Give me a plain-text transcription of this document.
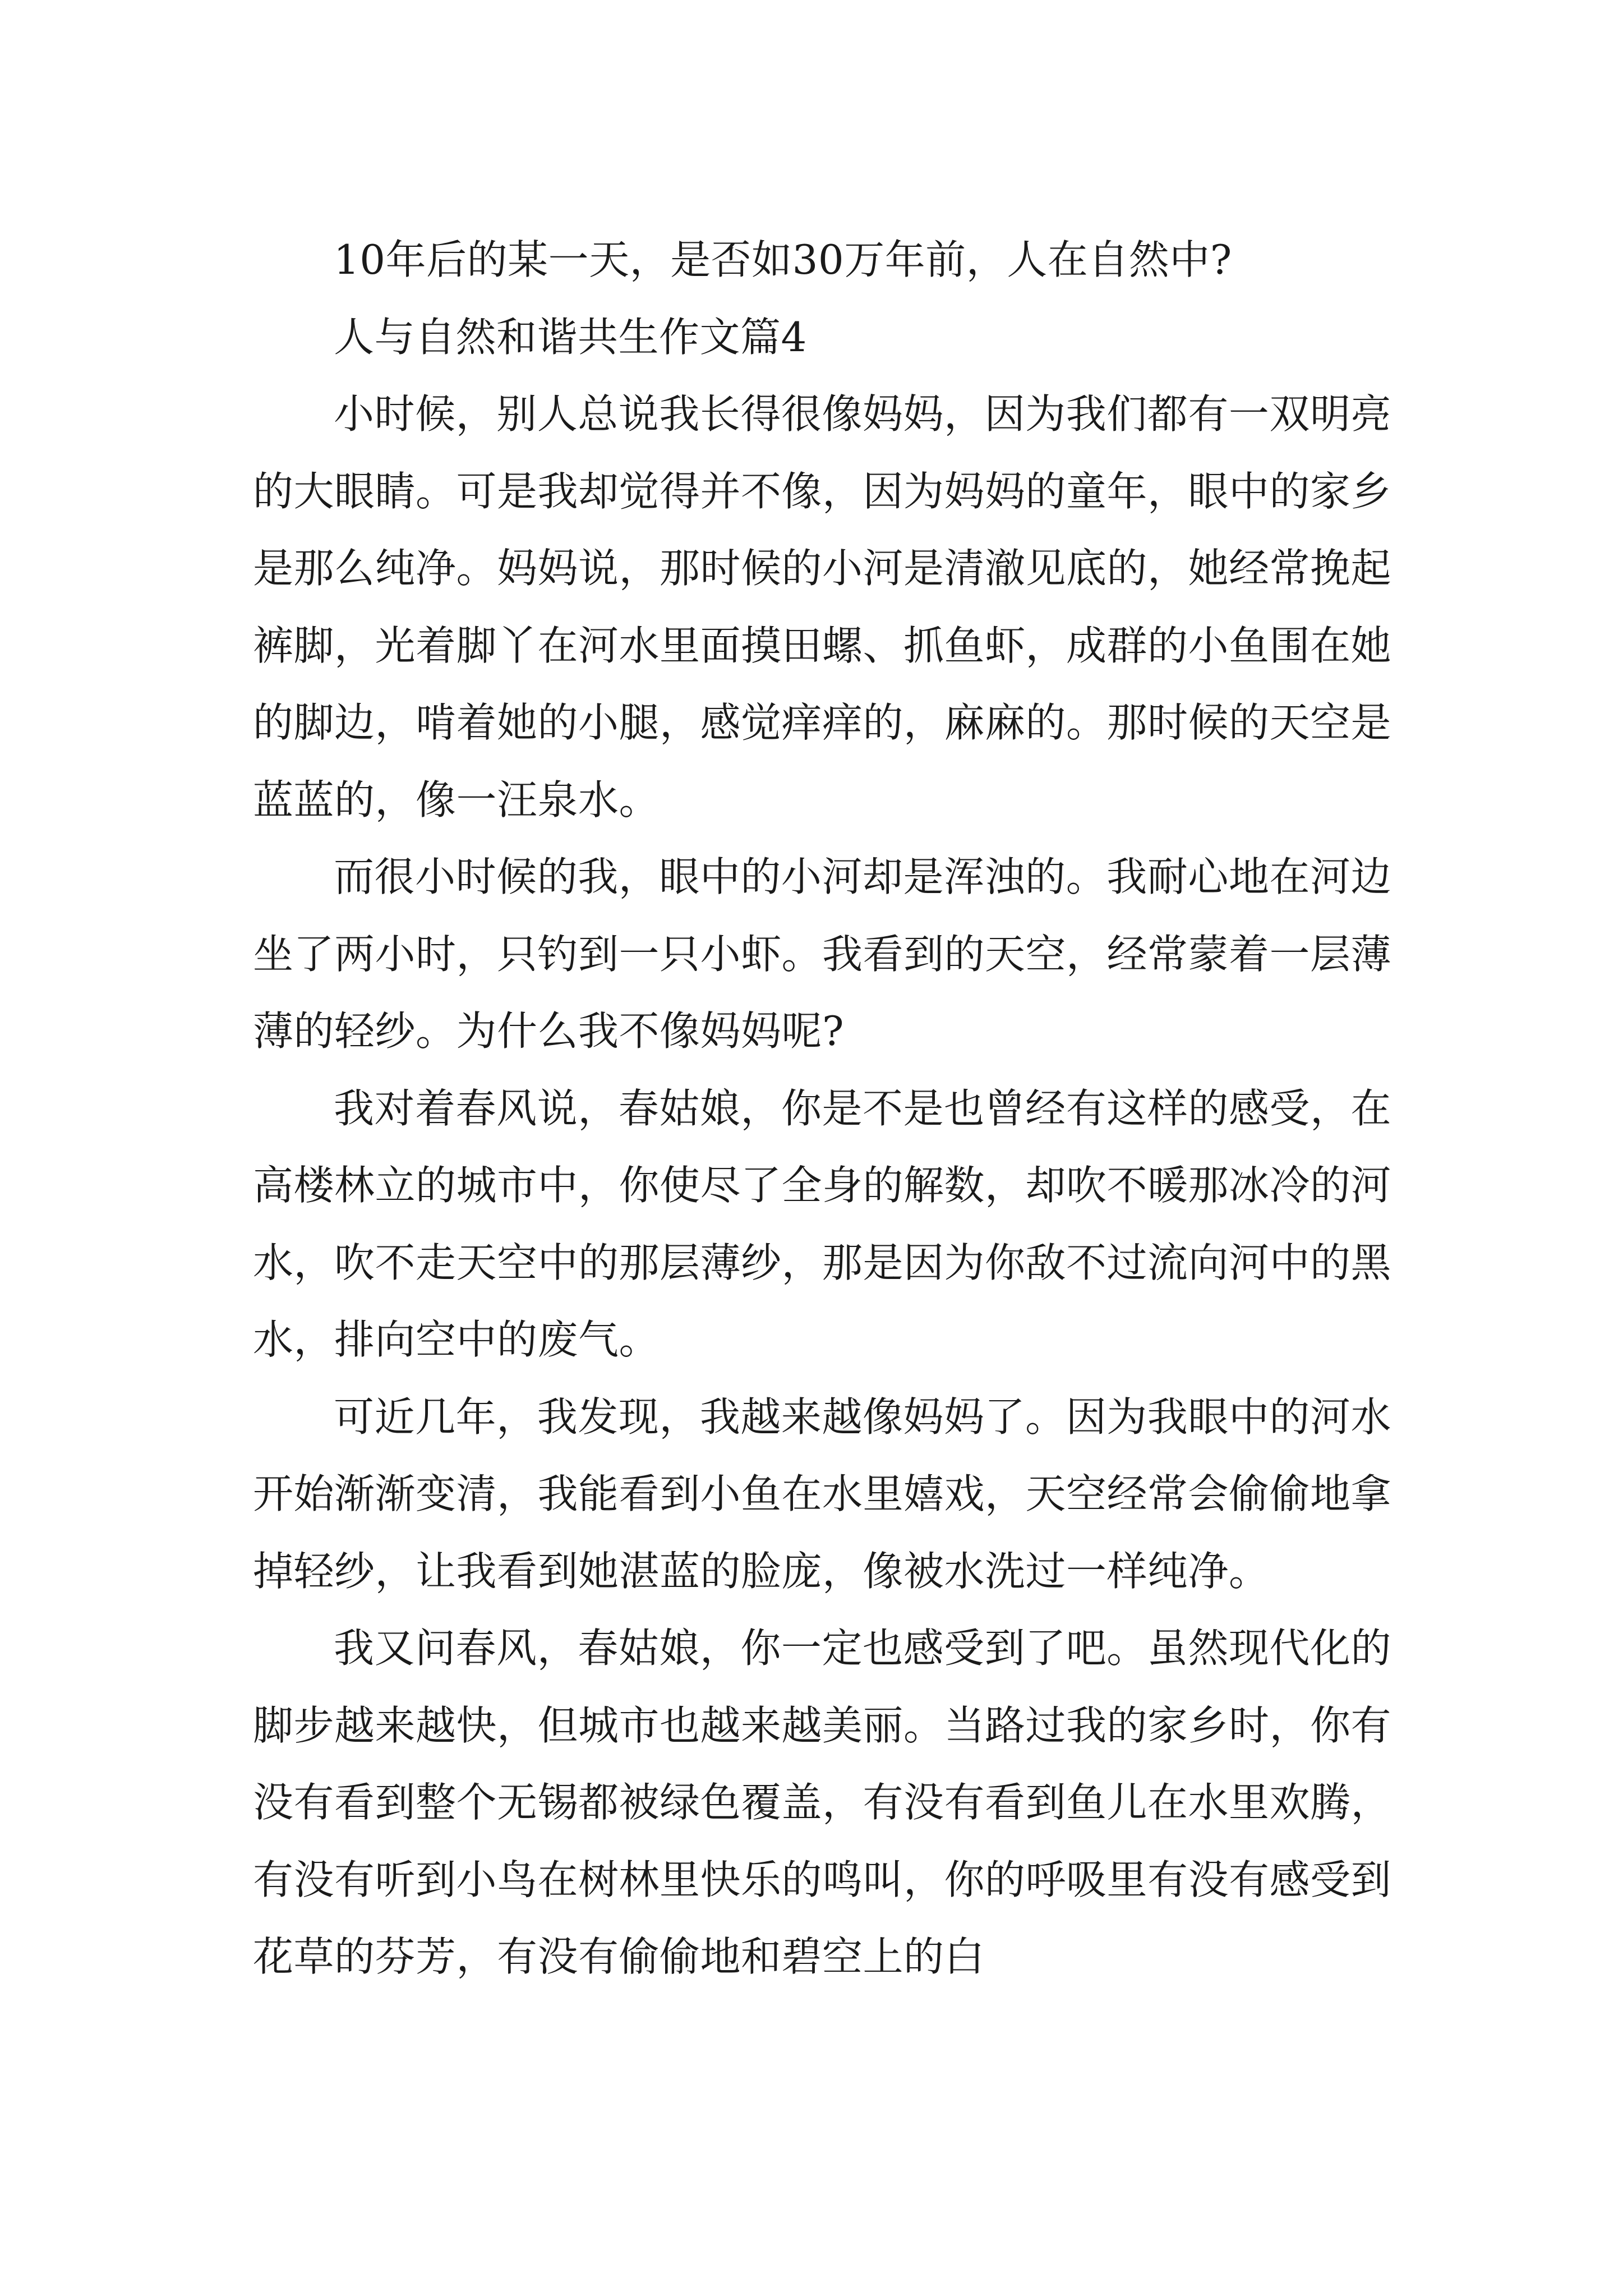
10年后的某一天，是否如30万年前，人在自然中?

人与自然和谐共生作文篇4

小时候，别人总说我长得很像妈妈，因为我们都有一双明亮的大眼睛。可是我却觉得并不像，因为妈妈的童年，眼中的家乡是那么纯净。妈妈说，那时候的小河是清澈见底的，她经常挽起裤脚，光着脚丫在河水里面摸田螺、抓鱼虾，成群的小鱼围在她的脚边，啃着她的小腿，感觉痒痒的，麻麻的。那时候的天空是蓝蓝的，像一汪泉水。

而很小时候的我，眼中的小河却是浑浊的。我耐心地在河边坐了两小时，只钓到一只小虾。我看到的天空，经常蒙着一层薄薄的轻纱。为什么我不像妈妈呢?

我对着春风说，春姑娘，你是不是也曾经有这样的感受，在高楼林立的城市中，你使尽了全身的解数，却吹不暖那冰冷的河水，吹不走天空中的那层薄纱，那是因为你敌不过流向河中的黑水，排向空中的废气。

可近几年，我发现，我越来越像妈妈了。因为我眼中的河水开始渐渐变清，我能看到小鱼在水里嬉戏，天空经常会偷偷地拿掉轻纱，让我看到她湛蓝的脸庞，像被水洗过一样纯净。

我又问春风，春姑娘，你一定也感受到了吧。虽然现代化的脚步越来越快，但城市也越来越美丽。当路过我的家乡时，你有没有看到整个无锡都被绿色覆盖，有没有看到鱼儿在水里欢腾，有没有听到小鸟在树林里快乐的鸣叫，你的呼吸里有没有感受到花草的芬芳，有没有偷偷地和碧空上的白
